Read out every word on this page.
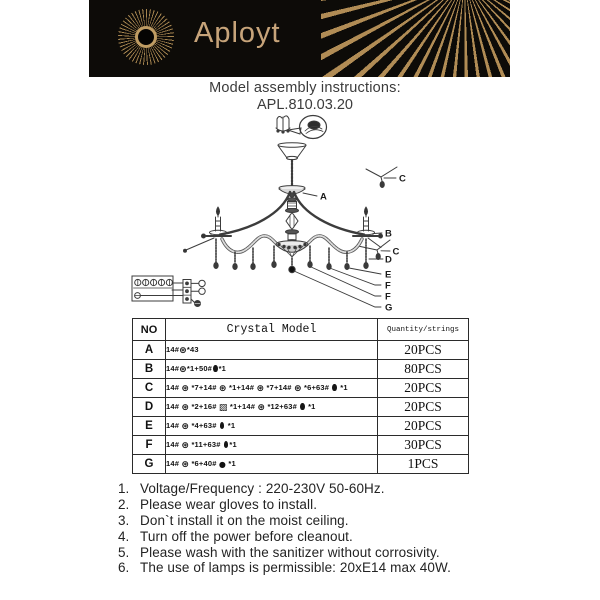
Aployt
Model assembly instructions:
APL.810.03.20
A
B
C
C
D
E
F
F
G
NO	Crystal Model	Quantity/strings
A	14# ⊛ *43	20PCS
B	14# ⊛ *1+50# *1	80PCS
C	14# ⊛ *7+14# ⊛ *1+14# ⊛ *7+14# ⊛ *6+63#  *1	20PCS
D	14# ⊛ *2+16# ▨ *1+14# ⊛ *12+63#  *1	20PCS
E	14# ⊛ *4+63#  *1	20PCS
F	14# ⊛ *11+63# *1	30PCS
G	14# ⊛ *6+40# ● *1	1PCS
1. Voltage/Frequency : 220-230V 50-60Hz.
2. Please wear gloves to install.
3. Don`t install it on the moist ceiling.
4. Turn off the power before cleanout.
5. Please wash with the sanitizer without corrosivity.
6. The use of lamps is permissible: 20xE14 max 40W.
